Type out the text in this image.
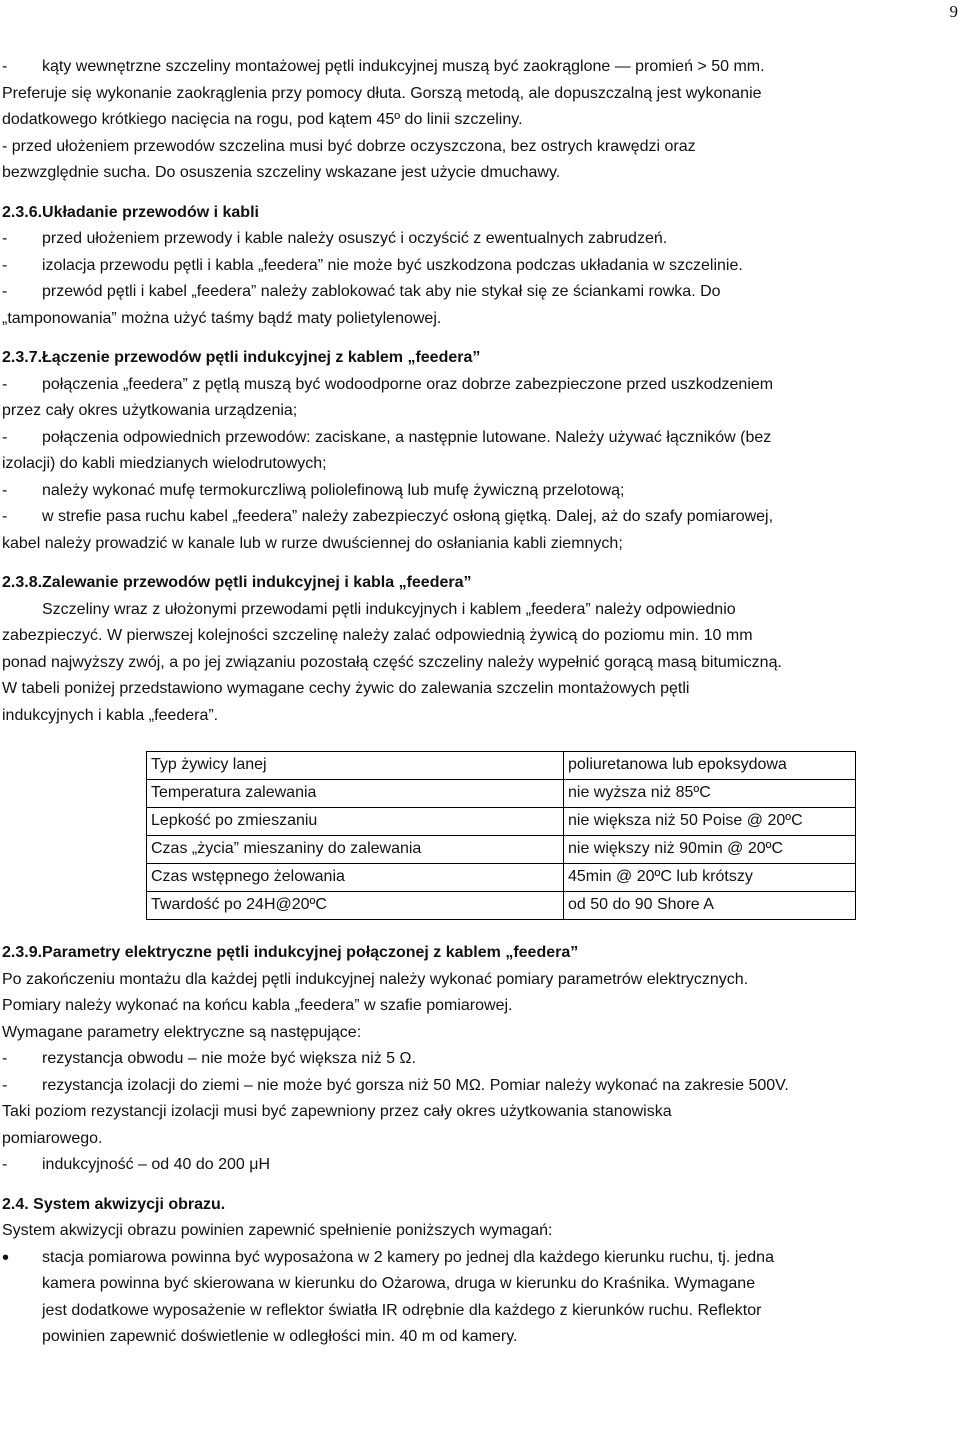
9
-	kąty wewnętrzne szczeliny montażowej pętli indukcyjnej muszą być zaokrąglone — promień > 50 mm.

Preferuje się wykonanie zaokrąglenia przy pomocy dłuta. Gorszą metodą, ale dopuszczalną jest wykonanie

dodatkowego krótkiego nacięcia na rogu, pod kątem 45º do linii szczeliny.

- przed ułożeniem przewodów szczelina musi być dobrze oczyszczona, bez ostrych krawędzi oraz

bezwzględnie sucha. Do osuszenia szczeliny wskazane jest użycie dmuchawy.

2.3.6.Układanie przewodów i kabli

-	przed ułożeniem przewody i kable należy osuszyć i oczyścić z ewentualnych zabrudzeń.
-	izolacja przewodu pętli i kabla „feedera” nie może być uszkodzona podczas układania w szczelinie.
-	przewód pętli i kabel „feedera” należy zablokować tak aby nie stykał się ze ściankami rowka. Do

„tamponowania” można użyć taśmy bądź maty polietylenowej.

2.3.7.Łączenie przewodów pętli indukcyjnej z kablem „feedera”

-	połączenia „feedera” z pętlą muszą być wodoodporne oraz dobrze zabezpieczone przed uszkodzeniem

przez cały okres użytkowania urządzenia;

-	połączenia odpowiednich przewodów: zaciskane, a następnie lutowane. Należy używać łączników (bez

izolacji) do kabli miedzianych wielodrutowych;

-	należy wykonać mufę termokurczliwą poliolefinową lub mufę żywiczną przelotową;
-	w strefie pasa ruchu kabel „feedera” należy zabezpieczyć osłoną giętką. Dalej, aż do szafy pomiarowej,

kabel należy prowadzić w kanale lub w rurze dwuściennej do osłaniania kabli ziemnych;

2.3.8.Zalewanie przewodów pętli indukcyjnej i kabla „feedera”

Szczeliny wraz z ułożonymi przewodami pętli indukcyjnych i kablem „feedera” należy odpowiednio

zabezpieczyć. W pierwszej kolejności szczelinę należy zalać odpowiednią żywicą do poziomu min. 10 mm

ponad najwyższy zwój, a po jej związaniu pozostałą część szczeliny należy wypełnić gorącą masą bitumiczną.

W tabeli poniżej przedstawiono wymagane cechy żywic do zalewania szczelin montażowych pętli

indukcyjnych i kabla „feedera”.

Typ żywicy lanej	poliuretanowa lub epoksydowa
Temperatura zalewania	nie wyższa niż 85ºC
Lepkość po zmieszaniu	nie większa niż 50 Poise @ 20ºC
Czas „życia” mieszaniny do zalewania	nie większy niż 90min @ 20ºC
Czas wstępnego żelowania	45min @ 20ºC lub krótszy
Twardość po 24H@20ºC	od 50 do 90 Shore A

2.3.9.Parametry elektryczne pętli indukcyjnej połączonej z kablem „feedera”

Po zakończeniu montażu dla każdej pętli indukcyjnej należy wykonać pomiary parametrów elektrycznych.

Pomiary należy wykonać na końcu kabla „feedera” w szafie pomiarowej.

Wymagane parametry elektryczne są następujące:

-	rezystancja obwodu – nie może być większa niż 5 Ω.
-	rezystancja izolacji do ziemi – nie może być gorsza niż 50 MΩ. Pomiar należy wykonać na zakresie 500V.

Taki poziom rezystancji izolacji musi być zapewniony przez cały okres użytkowania stanowiska

pomiarowego.

-	indukcyjność – od 40 do 200 μH

2.4. System akwizycji obrazu.

System akwizycji obrazu powinien zapewnić spełnienie poniższych wymagań:

•	stacja pomiarowa powinna być wyposażona w 2 kamery po jednej dla każdego kierunku ruchu, tj. jedna

kamera powinna być skierowana w kierunku do Ożarowa, druga w kierunku do Kraśnika. Wymagane

jest dodatkowe wyposażenie w reflektor światła IR odrębnie dla każdego z kierunków ruchu. Reflektor

powinien zapewnić doświetlenie w odległości min. 40 m od kamery.
